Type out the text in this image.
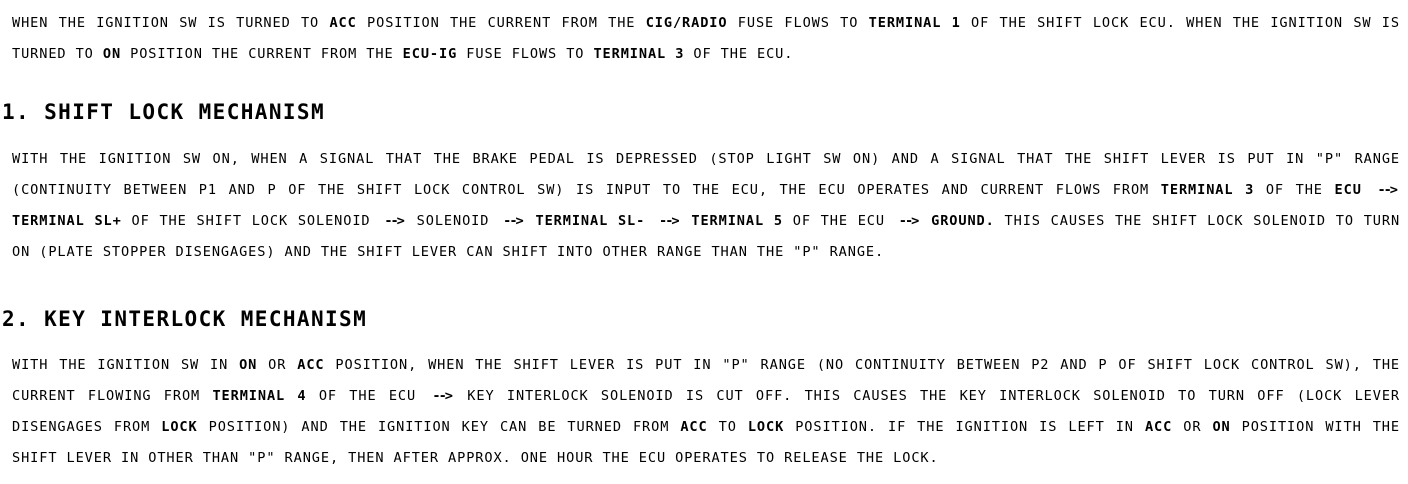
WHEN THE IGNITION SW IS TURNED TO ACC POSITION THE CURRENT FROM THE CIG/RADIO FUSE FLOWS TO TERMINAL 1 OF THE SHIFT LOCK ECU. WHEN THE IGNITION SW IS TURNED TO ON POSITION THE CURRENT FROM THE ECU-IG FUSE FLOWS TO TERMINAL 3 OF THE ECU.

1. SHIFT LOCK MECHANISM

WITH THE IGNITION SW ON, WHEN A SIGNAL THAT THE BRAKE PEDAL IS DEPRESSED (STOP LIGHT SW ON) AND A SIGNAL THAT THE SHIFT LEVER IS PUT IN "P" RANGE (CONTINUITY BETWEEN P1 AND P OF THE SHIFT LOCK CONTROL SW) IS INPUT TO THE ECU, THE ECU OPERATES AND CURRENT FLOWS FROM TERMINAL 3 OF THE ECU --> TERMINAL SL+ OF THE SHIFT LOCK SOLENOID --> SOLENOID --> TERMINAL SL- --> TERMINAL 5 OF THE ECU --> GROUND. THIS CAUSES THE SHIFT LOCK SOLENOID TO TURN ON (PLATE STOPPER DISENGAGES) AND THE SHIFT LEVER CAN SHIFT INTO OTHER RANGE THAN THE "P" RANGE.

2. KEY INTERLOCK MECHANISM

WITH THE IGNITION SW IN ON OR ACC POSITION, WHEN THE SHIFT LEVER IS PUT IN "P" RANGE (NO CONTINUITY BETWEEN P2 AND P OF SHIFT LOCK CONTROL SW), THE CURRENT FLOWING FROM TERMINAL 4 OF THE ECU --> KEY INTERLOCK SOLENOID IS CUT OFF. THIS CAUSES THE KEY INTERLOCK SOLENOID TO TURN OFF (LOCK LEVER DISENGAGES FROM LOCK POSITION) AND THE IGNITION KEY CAN BE TURNED FROM ACC TO LOCK POSITION. IF THE IGNITION IS LEFT IN ACC OR ON POSITION WITH THE SHIFT LEVER IN OTHER THAN "P" RANGE, THEN AFTER APPROX. ONE HOUR THE ECU OPERATES TO RELEASE THE LOCK.
